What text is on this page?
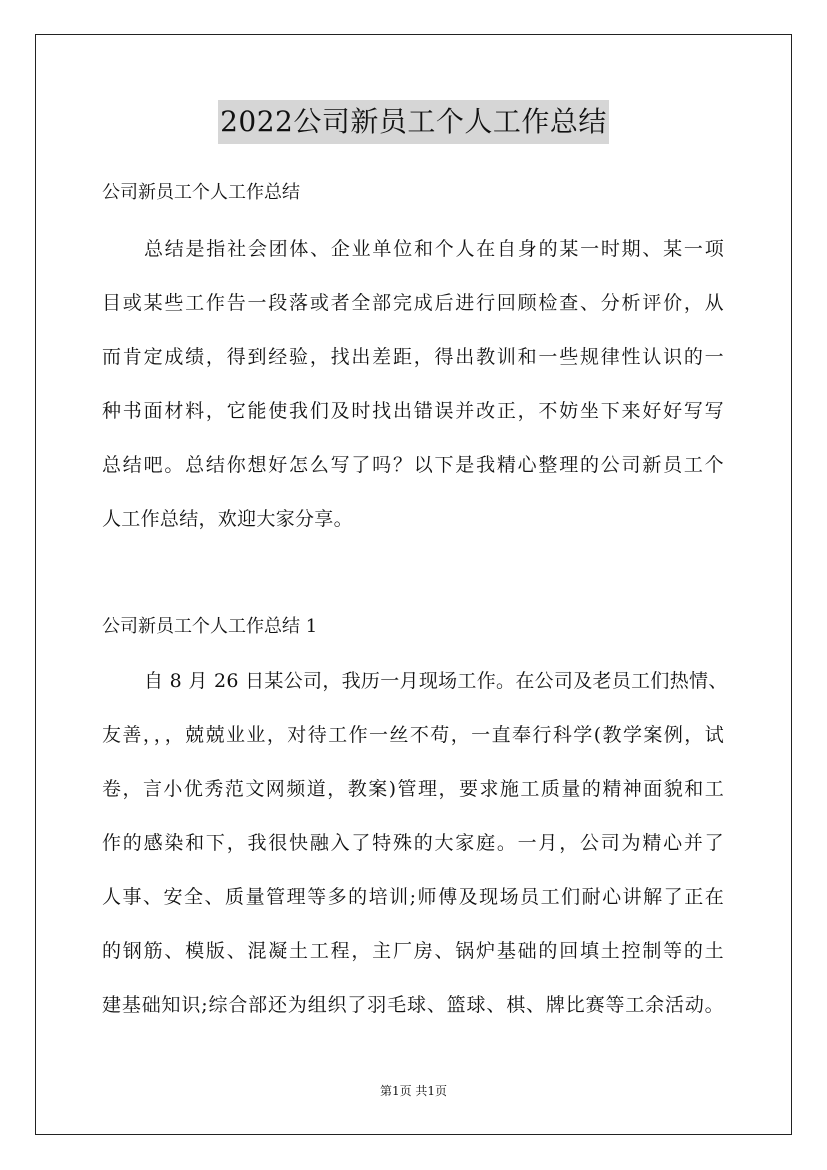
2022公司新员工个人工作总结
公司新员工个人工作总结
总结是指社会团体、企业单位和个人在自身的某一时期、某一项
目或某些工作告一段落或者全部完成后进行回顾检查、分析评价，从
而肯定成绩，得到经验，找出差距，得出教训和一些规律性认识的一
种书面材料，它能使我们及时找出错误并改正，不妨坐下来好好写写
总结吧。总结你想好怎么写了吗？以下是我精心整理的公司新员工个
人工作总结，欢迎大家分享。
公司新员工个人工作总结 1
自 8 月 26 日某公司，我历一月现场工作。在公司及老员工们热情、
友善，，，兢兢业业，对待工作一丝不苟，一直奉行科学(教学案例，试
卷，言小优秀范文网频道，教案)管理，要求施工质量的精神面貌和工
作的感染和下，我很快融入了特殊的大家庭。一月，公司为精心并了
人事、安全、质量管理等多的培训;师傅及现场员工们耐心讲解了正在
的钢筋、模版、混凝土工程，主厂房、锅炉基础的回填土控制等的土
建基础知识;综合部还为组织了羽毛球、篮球、棋、牌比赛等工余活动。
第1页 共1页
